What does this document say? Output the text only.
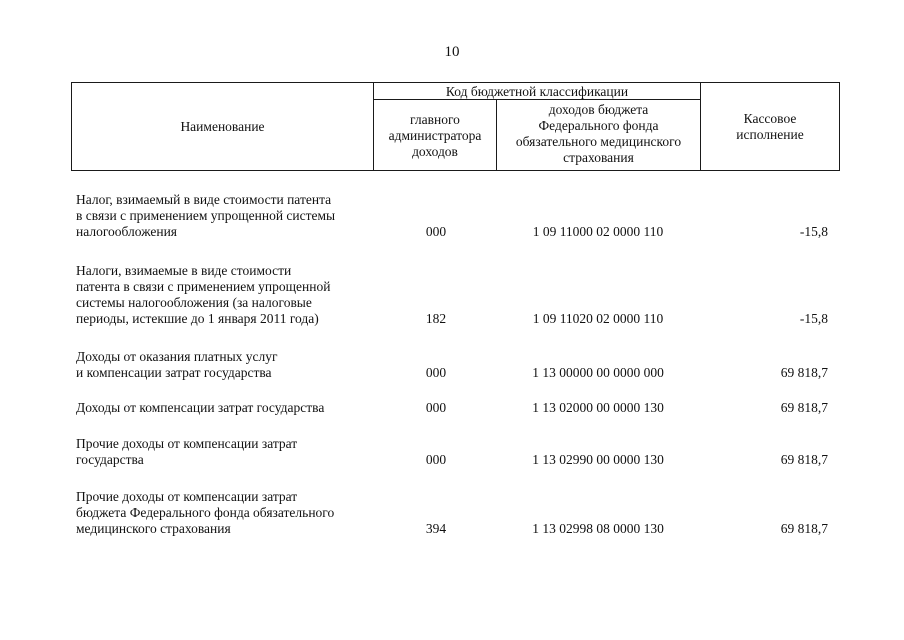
10
Наименование
Код бюджетной классификации
главного
администратора
доходов
доходов бюджета
Федерального фонда
обязательного медицинского
страхования
Кассовое
исполнение
Налог, взимаемый в виде стоимости патента
в связи с применением упрощенной системы
налогообложения	000	1 09 11000 02 0000 110	-15,8
Налоги, взимаемые в виде стоимости
патента в связи с применением упрощенной
системы налогообложения (за налоговые
периоды, истекшие до 1 января 2011 года)	182	1 09 11020 02 0000 110	-15,8
Доходы от оказания платных услуг
и компенсации затрат государства	000	1 13 00000 00 0000 000	69 818,7
Доходы от компенсации затрат государства	000	1 13 02000 00 0000 130	69 818,7
Прочие доходы от компенсации затрат
государства	000	1 13 02990 00 0000 130	69 818,7
Прочие доходы от компенсации затрат
бюджета Федерального фонда обязательного
медицинского страхования	394	1 13 02998 08 0000 130	69 818,7
